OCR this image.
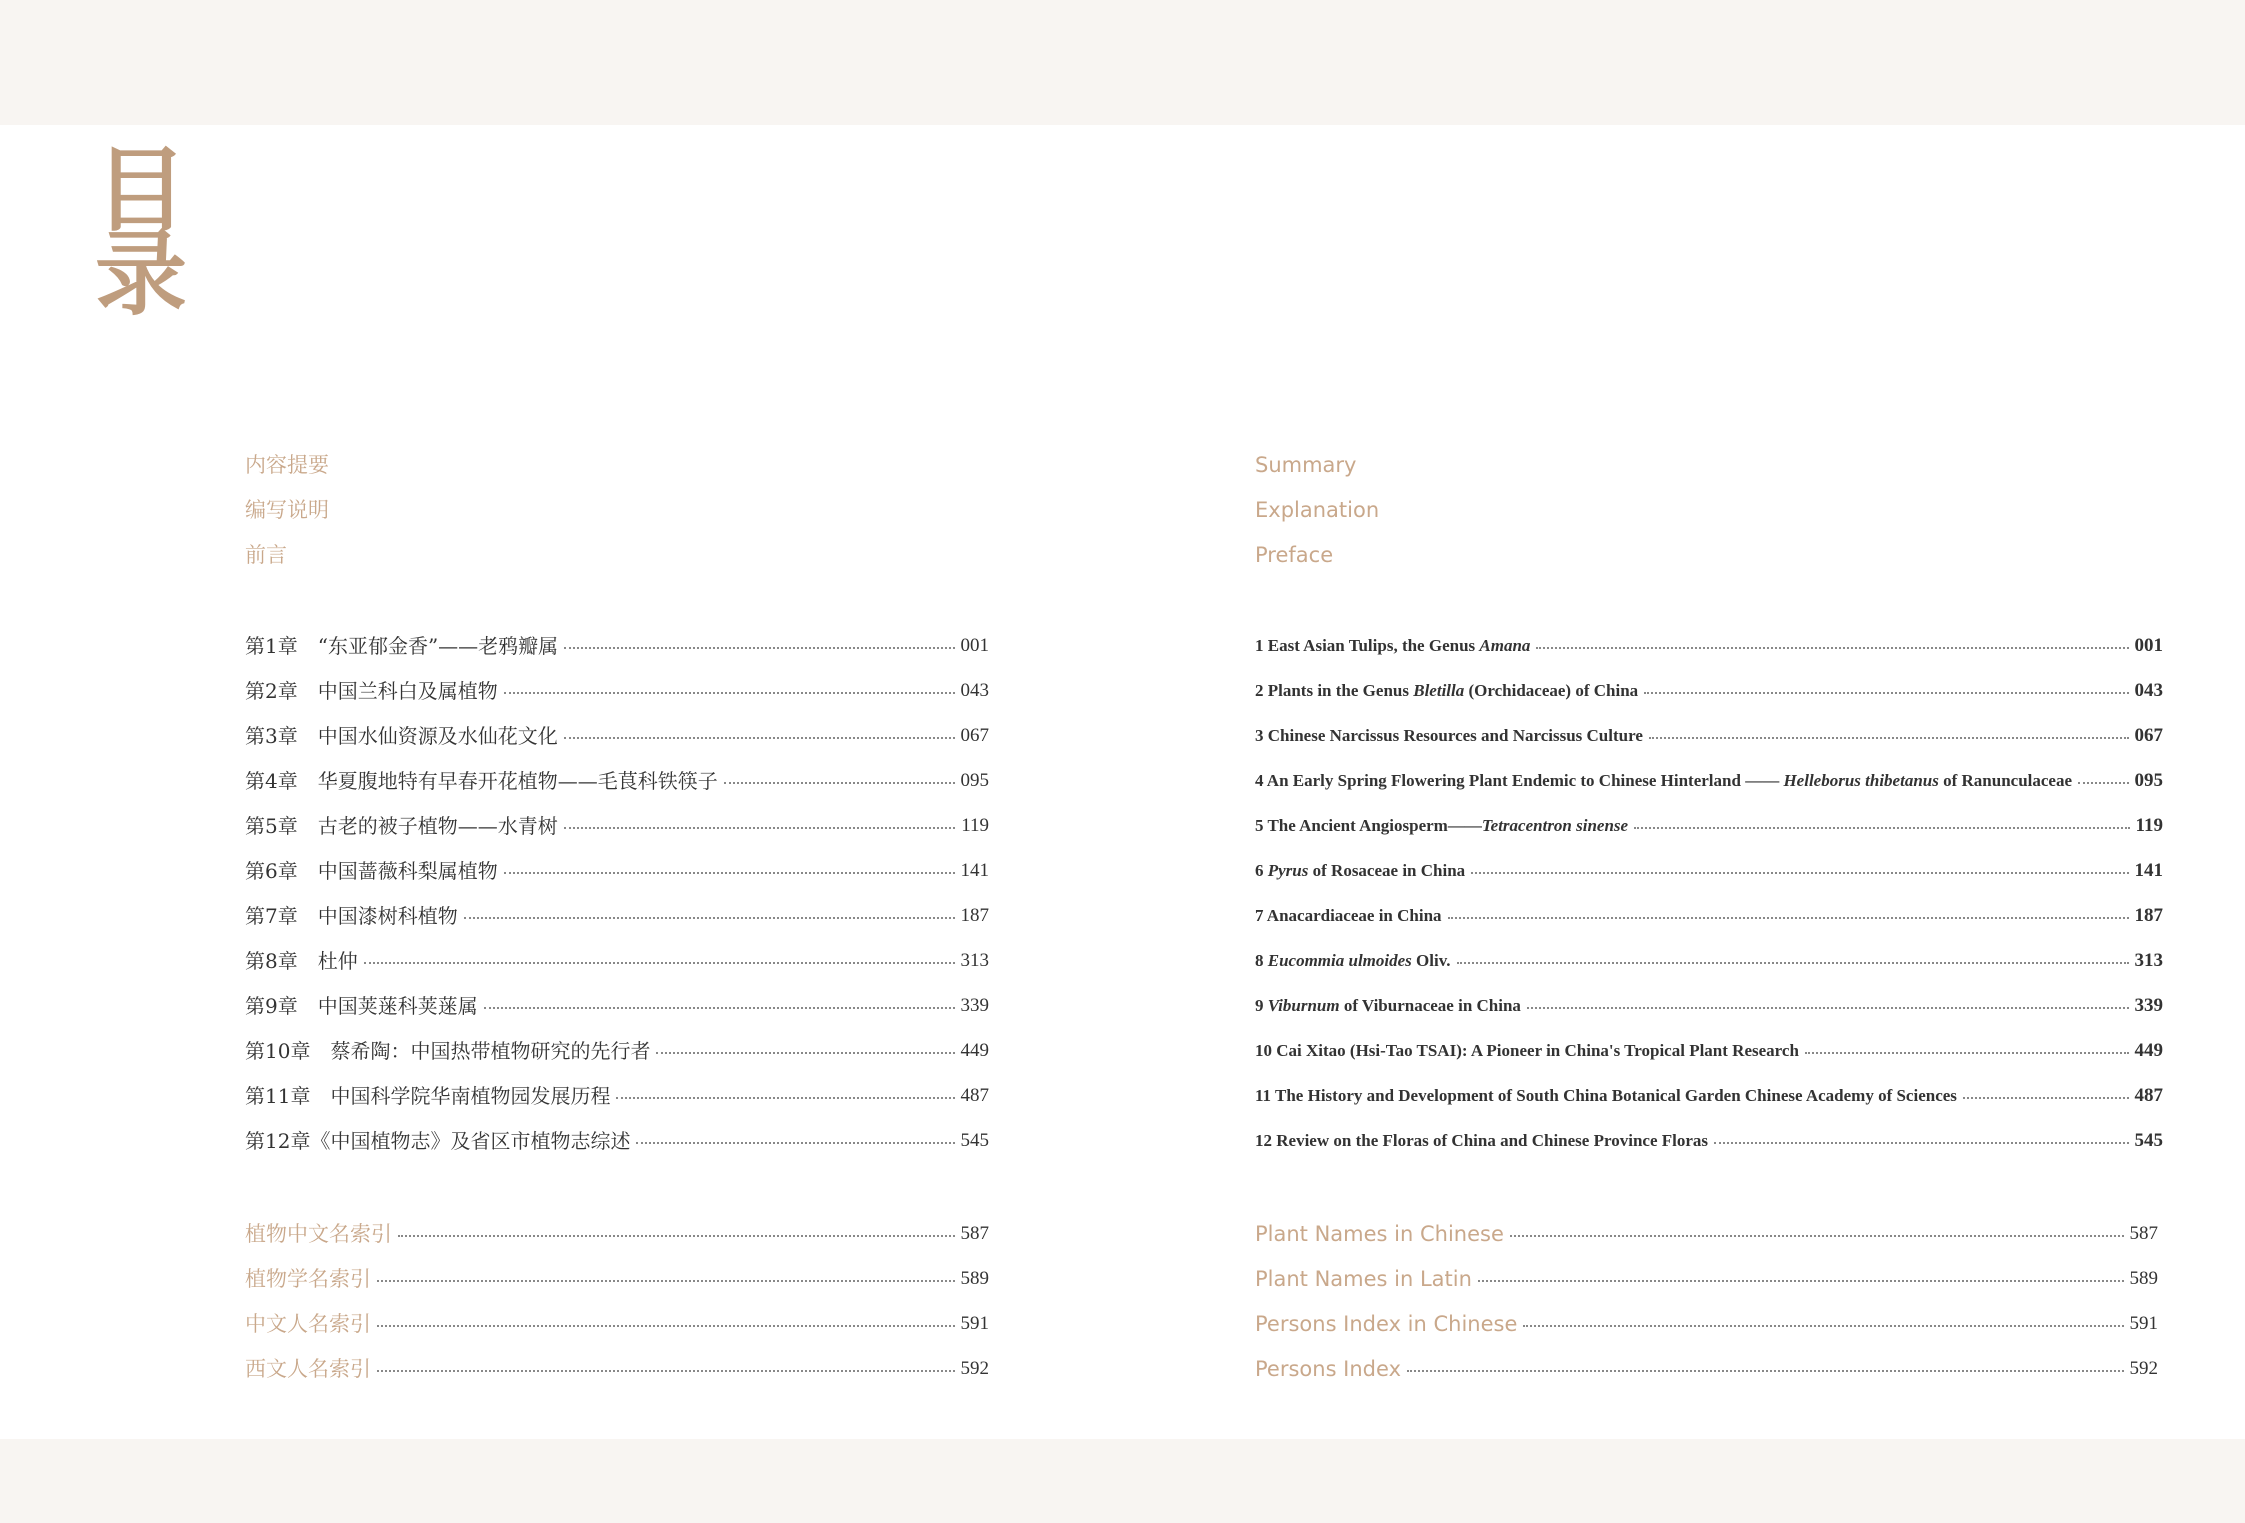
目
录
内容提要
编写说明
前言
Summary
Explanation
Preface
第1章　“东亚郁金香”——老鸦瓣属	001
第2章　中国兰科白及属植物	043
第3章　中国水仙资源及水仙花文化	067
第4章　华夏腹地特有早春开花植物——毛茛科铁筷子	095
第5章　古老的被子植物——水青树	119
第6章　中国蔷薇科梨属植物	141
第7章　中国漆树科植物	187
第8章　杜仲	313
第9章　中国荚蒾科荚蒾属	339
第10章　蔡希陶：中国热带植物研究的先行者	449
第11章　中国科学院华南植物园发展历程	487
第12章《中国植物志》及省区市植物志综述	545
1 East Asian Tulips, the Genus Amana	001
2 Plants in the Genus Bletilla (Orchidaceae) of China	043
3 Chinese Narcissus Resources and Narcissus Culture	067
4 An Early Spring Flowering Plant Endemic to Chinese Hinterland —— Helleborus thibetanus of Ranunculaceae	095
5 The Ancient Angiosperm——Tetracentron sinense	119
6 Pyrus of Rosaceae in China	141
7 Anacardiaceae in China	187
8 Eucommia ulmoides Oliv.	313
9 Viburnum of Viburnaceae in China	339
10 Cai Xitao (Hsi-Tao TSAI): A Pioneer in China's Tropical Plant Research	449
11 The History and Development of South China Botanical Garden Chinese Academy of Sciences	487
12 Review on the Floras of China and Chinese Province Floras	545
植物中文名索引	587
植物学名索引	589
中文人名索引	591
西文人名索引	592
Plant Names in Chinese	587
Plant Names in Latin	589
Persons Index in Chinese	591
Persons Index	592
